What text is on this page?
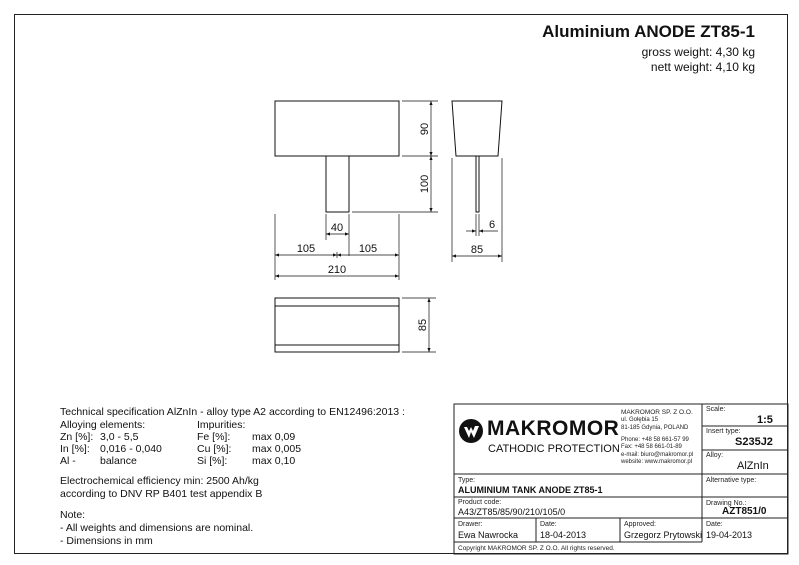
Aluminium ANODE ZT85-1
gross weight: 4,30 kg
nett weight: 4,10 kg
90
100
40
105	105
210
6
85
85
Technical specification AlZnIn - alloy type A2 according to EN12496:2013 :
Alloying elements:	Impurities:
Zn [%]: 3,0 - 5,5	Fe [%]: max 0,09
In [%]: 0,016 - 0,040	Cu [%]: max 0,005
Al - balance	Si [%]: max 0,10
Electrochemical efficiency min: 2500 Ah/kg
according to DNV RP B401 test appendix B
Note:
- All weights and dimensions are nominal.
- Dimensions in mm
MAKROMOR
CATHODIC PROTECTION
MAKROMOR SP. Z O.O.
ul. Gołębia 15
81-185 Gdynia, POLAND
Phone: +48 58 661-57 99
Fax: +48 58 661-01-89
e-mail: biuro@makromor.pl
website: www.makromor.pl
Scale:
1:5
Insert type:
S235J2
Alloy:
AlZnIn
Type:
ALUMINIUM TANK ANODE ZT85-1
Alternative type:
Product code:
A43/ZT85/85/90/210/105/0
Drawing No.:
AZT851/0
Drawer:
Ewa Nawrocka
Date:
18-04-2013
Approved:
Grzegorz Prytowski
Date:
19-04-2013
Copyright MAKROMOR SP. Z O.O. All rights reserved.
